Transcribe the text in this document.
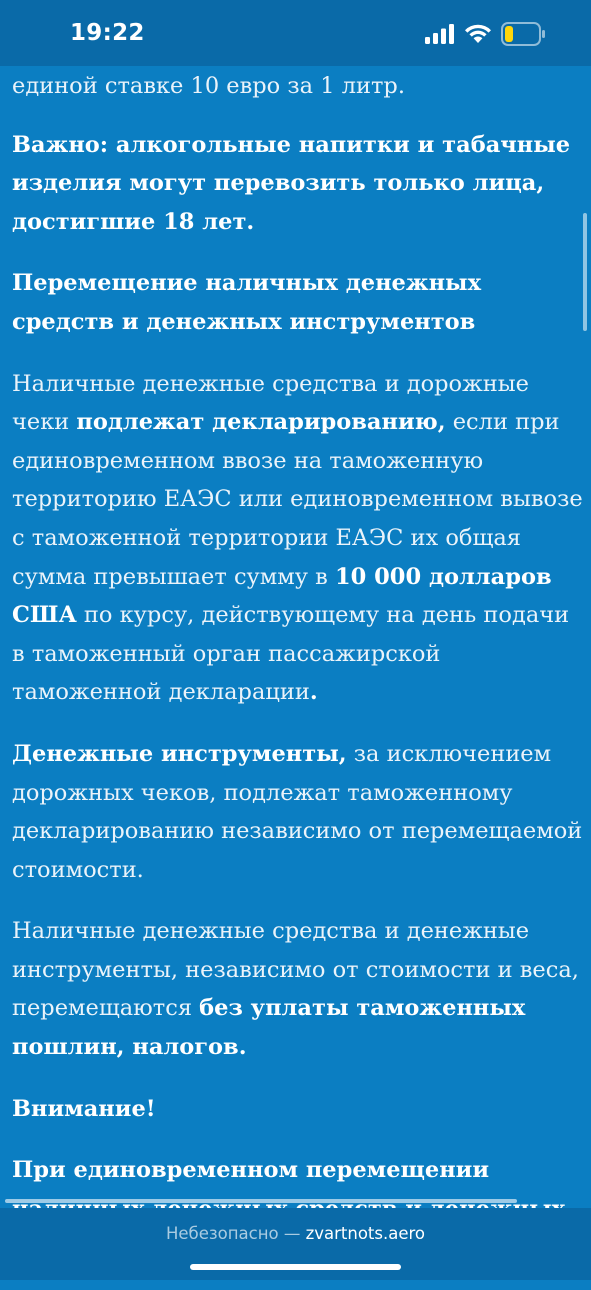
19:22

единой ставке 10 евро за 1 литр.

Важно: алкогольные напитки и табачные изделия могут перевозить только лица, достигшие 18 лет.

Перемещение наличных денежных средств и денежных инструментов

Наличные денежные средства и дорожные чеки подлежат декларированию, если при единовременном ввозе на таможенную территорию ЕАЭС или единовременном вывозе с таможенной территории ЕАЭС их общая сумма превышает сумму в 10 000 долларов США по курсу, действующему на день подачи в таможенный орган пассажирской таможенной декларации.

Денежные инструменты, за исключением дорожных чеков, подлежат таможенному декларированию независимо от перемещаемой стоимости.

Наличные денежные средства и денежные инструменты, независимо от стоимости и веса, перемещаются без уплаты таможенных пошлин, налогов.

Внимание!

При единовременном перемещении

Небезопасно — zvartnots.aero
